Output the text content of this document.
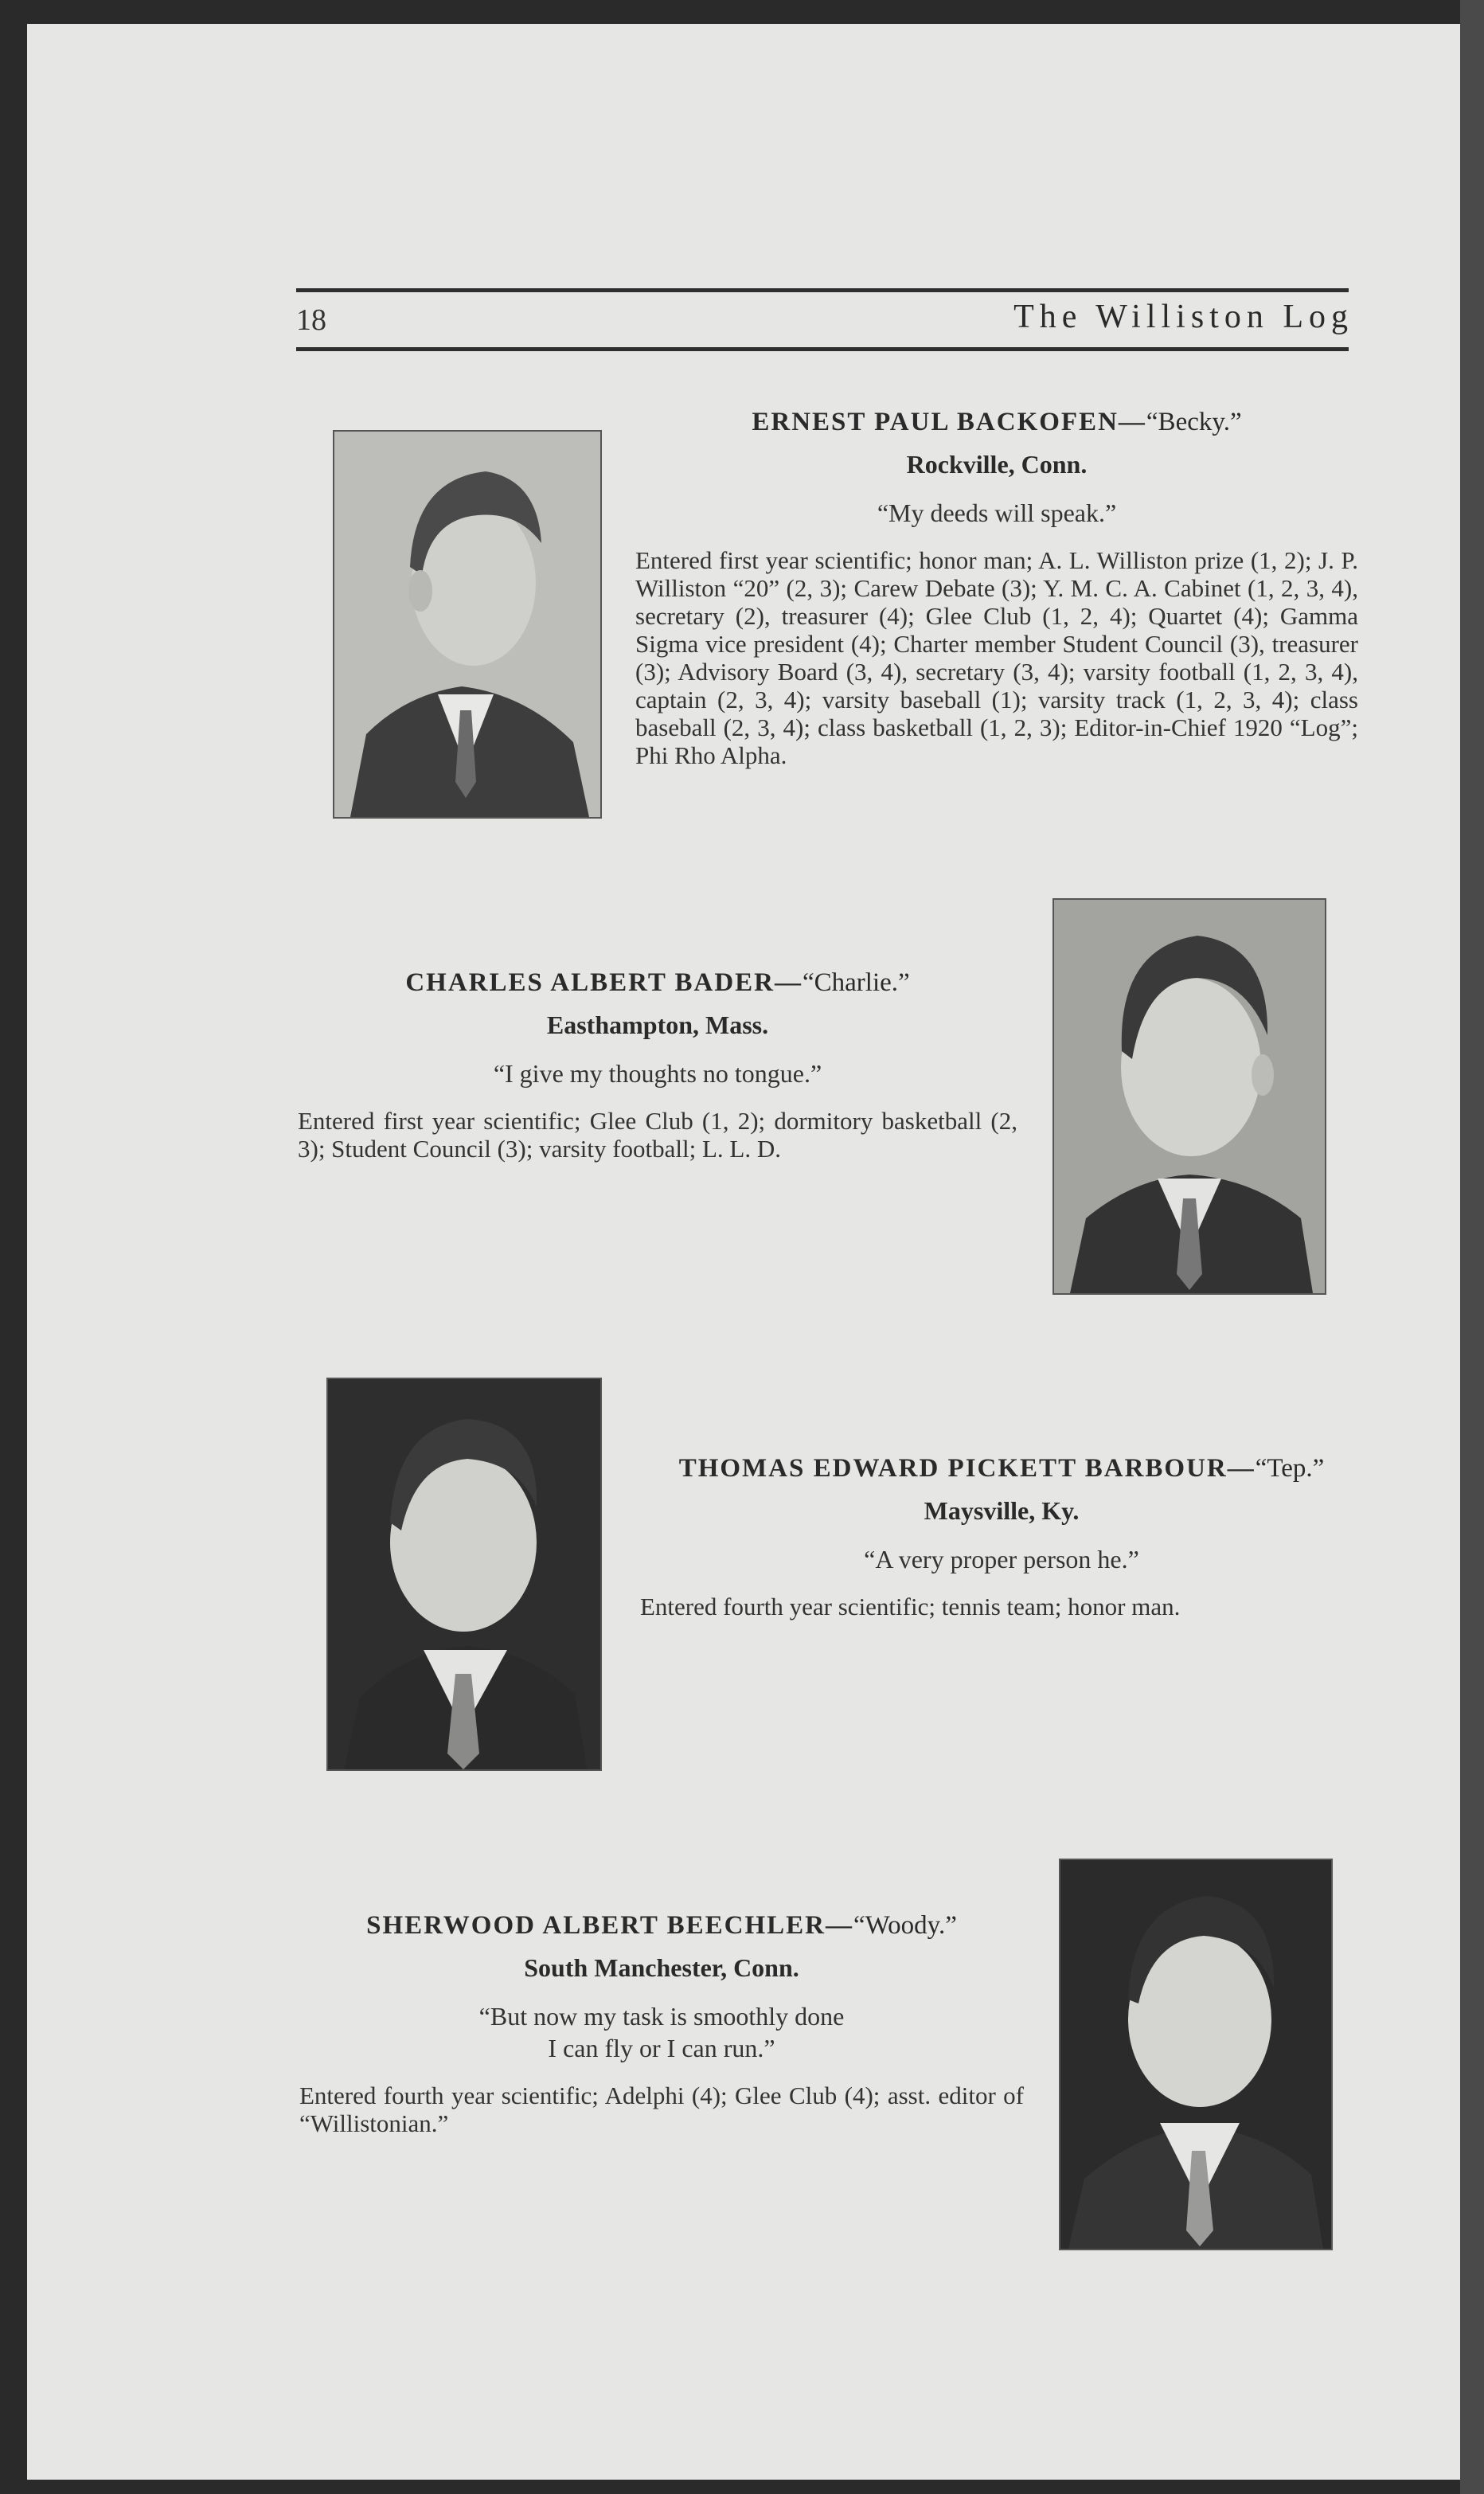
18	The Williston Log
ERNEST PAUL BACKOFEN—“Becky.”
Rockville, Conn.
“My deeds will speak.”
Entered first year scientific; honor man; A. L. Williston prize (1, 2); J. P. Williston “20” (2, 3); Carew Debate (3); Y. M. C. A. Cabinet (1, 2, 3, 4), secretary (2), treasurer (4); Glee Club (1, 2, 4); Quartet (4); Gamma Sigma vice president (4); Charter member Student Council (3), treasurer (3); Advisory Board (3, 4), secretary (3, 4); varsity football (1, 2, 3, 4), captain (2, 3, 4); varsity baseball (1); varsity track (1, 2, 3, 4); class baseball (2, 3, 4); class basketball (1, 2, 3); Editor-in-Chief 1920 “Log”; Phi Rho Alpha.
CHARLES ALBERT BADER—“Charlie.”
Easthampton, Mass.
“I give my thoughts no tongue.”
Entered first year scientific; Glee Club (1, 2); dormitory basketball (2, 3); Student Council (3); varsity football; L. L. D.
THOMAS EDWARD PICKETT BARBOUR—“Tep.”
Maysville, Ky.
“A very proper person he.”
Entered fourth year scientific; tennis team; honor man.
SHERWOOD ALBERT BEECHLER—“Woody.”
South Manchester, Conn.
“But now my task is smoothly done
I can fly or I can run.”
Entered fourth year scientific; Adelphi (4); Glee Club (4); asst. editor of “Willistonian.”
